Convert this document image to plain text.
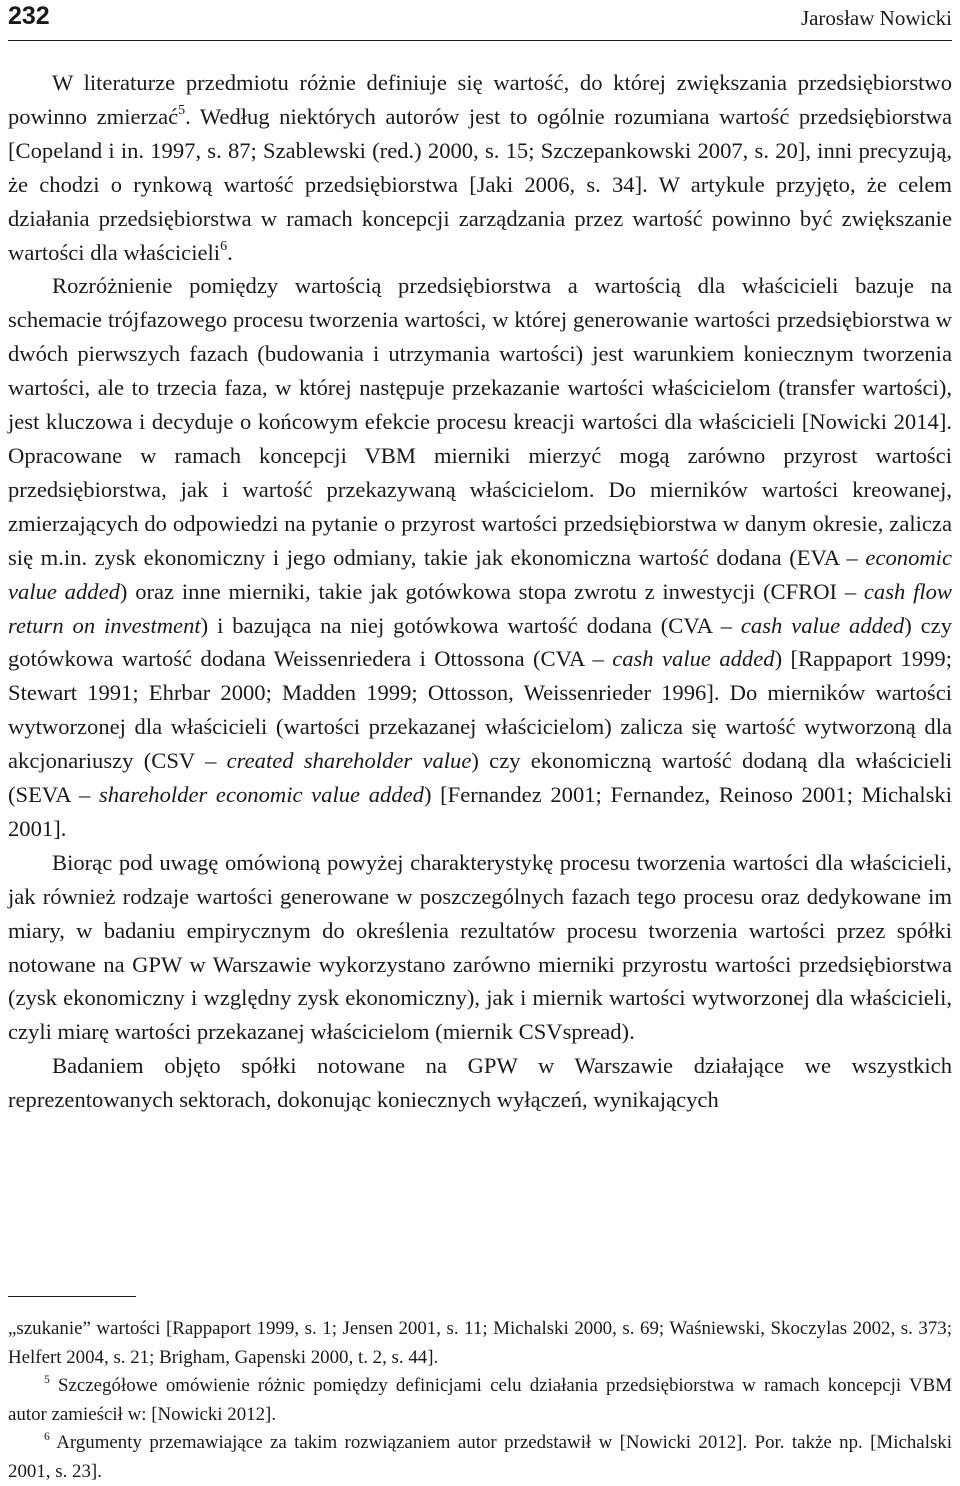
232	Jarosław Nowicki

W literaturze przedmiotu różnie definiuje się wartość, do której zwiększania przedsiębiorstwo powinno zmierzać$^5$. Według niektórych autorów jest to ogólnie rozumiana wartość przedsiębiorstwa [Copeland i in. 1997, s. 87; Szablewski (red.) 2000, s. 15; Szczepankowski 2007, s. 20], inni precyzują, że chodzi o rynkową wartość przedsiębiorstwa [Jaki 2006, s. 34]. W artykule przyjęto, że celem działania przedsiębiorstwa w ramach koncepcji zarządzania przez wartość powinno być zwiększanie wartości dla właścicieli$^6$.

Rozróżnienie pomiędzy wartością przedsiębiorstwa a wartością dla właścicieli bazuje na schemacie trójfazowego procesu tworzenia wartości, w której generowanie wartości przedsiębiorstwa w dwóch pierwszych fazach (budowania i utrzymania wartości) jest warunkiem koniecznym tworzenia wartości, ale to trzecia faza, w której następuje przekazanie wartości właścicielom (transfer wartości), jest kluczowa i decyduje o końcowym efekcie procesu kreacji wartości dla właścicieli [Nowicki 2014]. Opracowane w ramach koncepcji VBM mierniki mierzyć mogą zarówno przyrost wartości przedsiębiorstwa, jak i wartość przekazywaną właścicielom. Do mierników wartości kreowanej, zmierzających do odpowiedzi na pytanie o przyrost wartości przedsiębiorstwa w danym okresie, zalicza się m.in. zysk ekonomiczny i jego odmiany, takie jak ekonomiczna wartość dodana (EVA – economic value added) oraz inne mierniki, takie jak gotówkowa stopa zwrotu z inwestycji (CFROI – cash flow return on investment) i bazująca na niej gotówkowa wartość dodana (CVA – cash value added) czy gotówkowa wartość dodana Weissenriedera i Ottossona (CVA – cash value added) [Rappaport 1999; Stewart 1991; Ehrbar 2000; Madden 1999; Ottosson, Weissenrieder 1996]. Do mierników wartości wytworzonej dla właścicieli (wartości przekazanej właścicielom) zalicza się wartość wytworzoną dla akcjonariuszy (CSV – created shareholder value) czy ekonomiczną wartość dodaną dla właścicieli (SEVA – shareholder economic value added) [Fernandez 2001; Fernandez, Reinoso 2001; Michalski 2001].

Biorąc pod uwagę omówioną powyżej charakterystykę procesu tworzenia wartości dla właścicieli, jak również rodzaje wartości generowane w poszczególnych fazach tego procesu oraz dedykowane im miary, w badaniu empirycznym do określenia rezultatów procesu tworzenia wartości przez spółki notowane na GPW w Warszawie wykorzystano zarówno mierniki przyrostu wartości przedsiębiorstwa (zysk ekonomiczny i względny zysk ekonomiczny), jak i miernik wartości wytworzonej dla właścicieli, czyli miarę wartości przekazanej właścicielom (miernik CSVspread).

Badaniem objęto spółki notowane na GPW w Warszawie działające we wszystkich reprezentowanych sektorach, dokonując koniecznych wyłączeń, wynikających

„szukanie” wartości [Rappaport 1999, s. 1; Jensen 2001, s. 11; Michalski 2000, s. 69; Waśniewski, Skoczylas 2002, s. 373; Helfert 2004, s. 21; Brigham, Gapenski 2000, t. 2, s. 44].

$^5$ Szczegółowe omówienie różnic pomiędzy definicjami celu działania przedsiębiorstwa w ramach koncepcji VBM autor zamieścił w: [Nowicki 2012].

$^6$ Argumenty przemawiające za takim rozwiązaniem autor przedstawił w [Nowicki 2012]. Por. także np. [Michalski 2001, s. 23].
